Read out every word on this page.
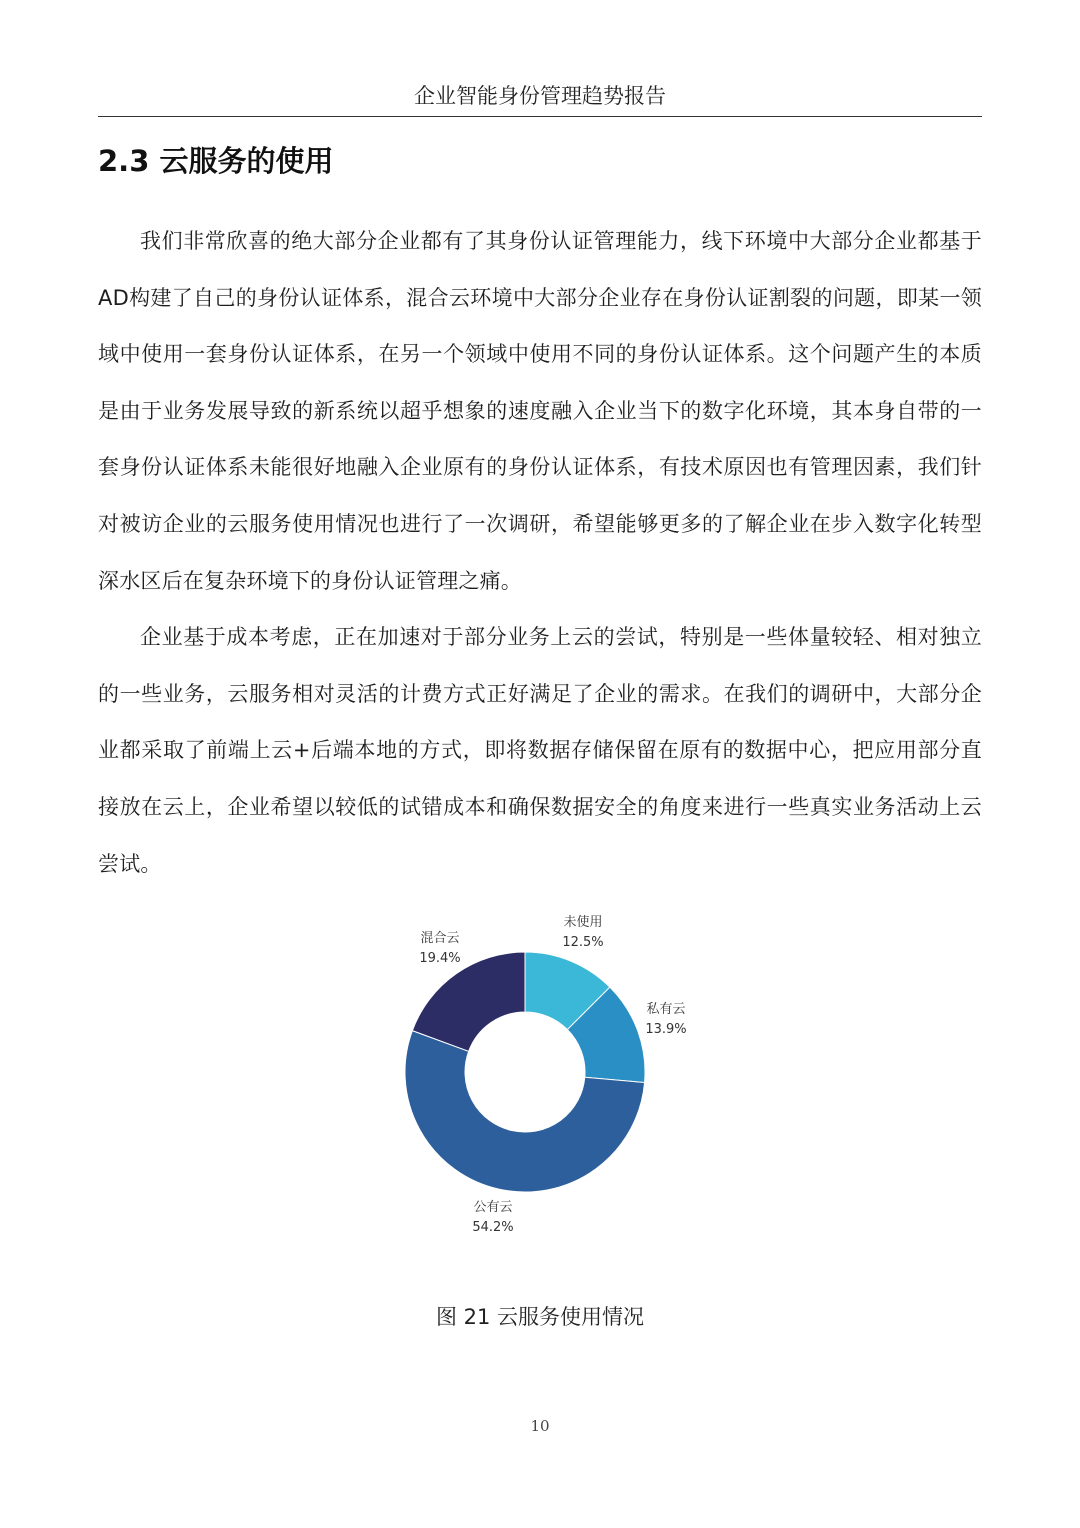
企业智能身份管理趋势报告
2.3 云服务的使用

我们非常欣喜的绝大部分企业都有了其身份认证管理能力，线下环境中大部分企业都基于AD构建了自己的身份认证体系，混合云环境中大部分企业存在身份认证割裂的问题，即某一领域中使用一套身份认证体系，在另一个领域中使用不同的身份认证体系。这个问题产生的本质是由于业务发展导致的新系统以超乎想象的速度融入企业当下的数字化环境，其本身自带的一套身份认证体系未能很好地融入企业原有的身份认证体系，有技术原因也有管理因素，我们针对被访企业的云服务使用情况也进行了一次调研，希望能够更多的了解企业在步入数字化转型深水区后在复杂环境下的身份认证管理之痛。

企业基于成本考虑，正在加速对于部分业务上云的尝试，特别是一些体量较轻、相对独立的一些业务，云服务相对灵活的计费方式正好满足了企业的需求。在我们的调研中，大部分企业都采取了前端上云+后端本地的方式，即将数据存储保留在原有的数据中心，把应用部分直接放在云上，企业希望以较低的试错成本和确保数据安全的角度来进行一些真实业务活动上云尝试。

未使用
12.5%
私有云
13.9%
公有云
54.2%
混合云
19.4%
图 21 云服务使用情况
10
